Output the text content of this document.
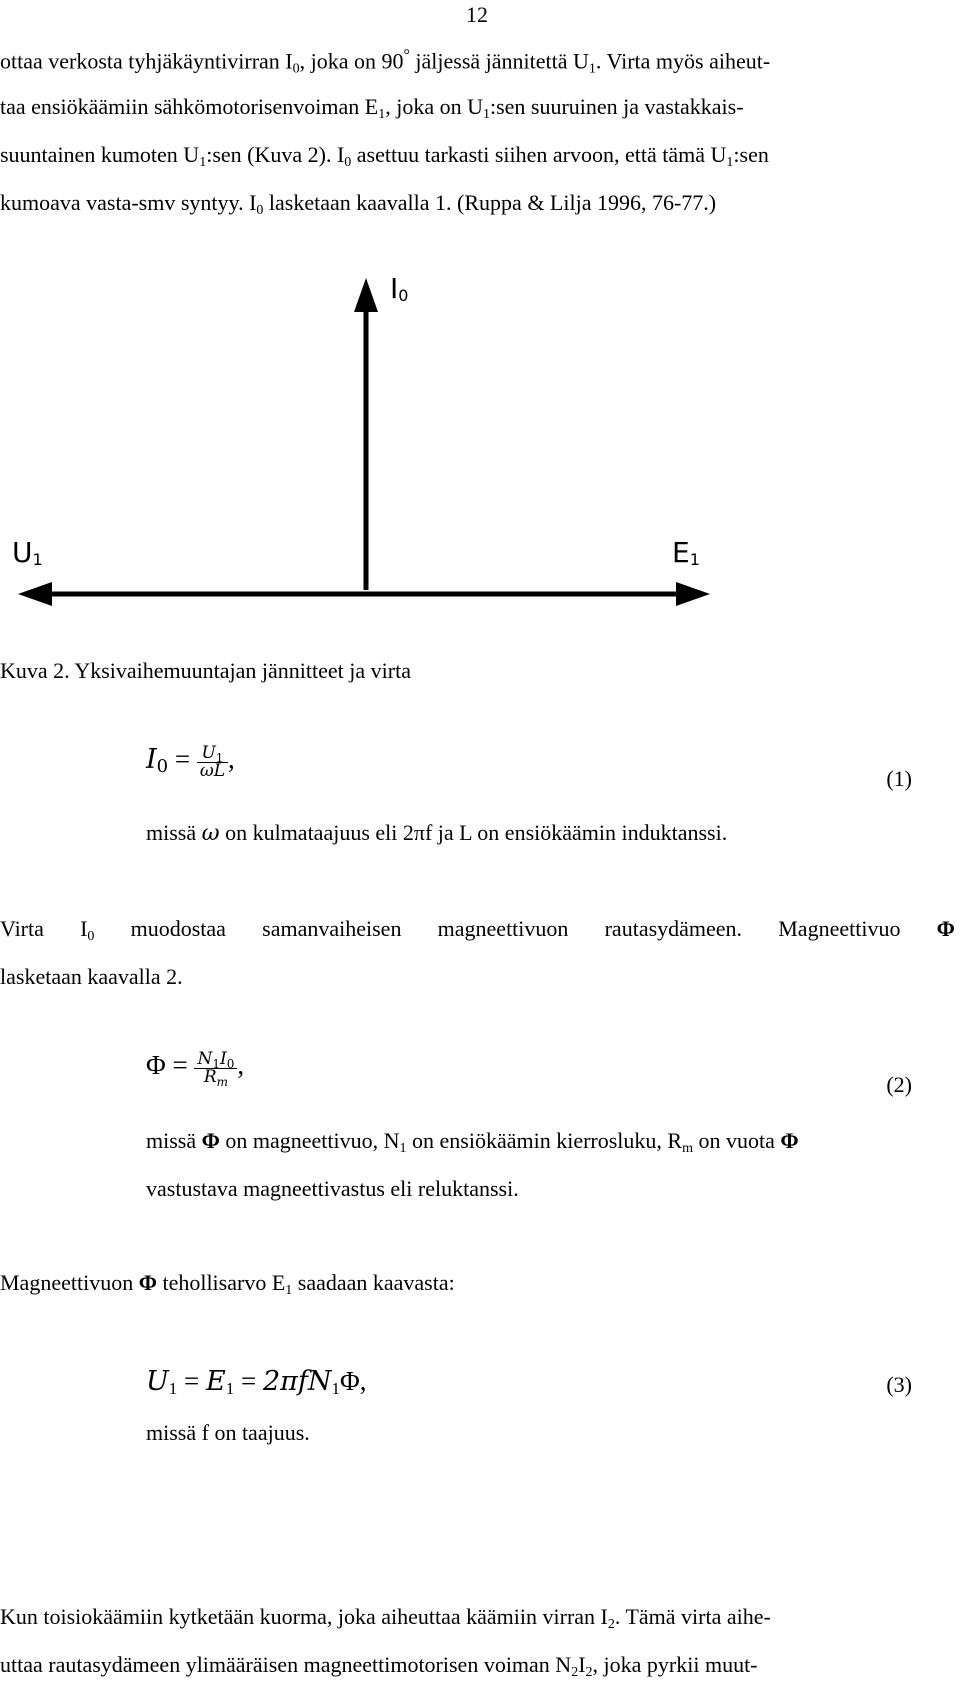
12
ottaa verkosta tyhjäkäyntivirran $I_0$, joka on 90° jäljessä jännitettä $U_1$. Virta myös aiheut-
taa ensiökäämiin sähkömotorisenvoiman $E_1$, joka on $U_1:sen$ suuruinen ja vastakkais-
suuntainen kumoten $U_1:sen$ (Kuva 2). $I_0$ asettuu tarkasti siihen arvoon, että tämä $U_1:sen$
kumoava vasta-smv syntyy. $I_0$ lasketaan kaavalla 1. (Ruppa & Lilja 1996, 76-77.)
I0
U1	E1
Kuva 2. Yksivaihemuuntajan jännitteet ja virta
$I_0 = \frac{U_1}{\omega L}$ ,
(1)
missä ω on kulmataajuus eli 2πf ja L on ensiökäämin induktanssi.
Virta $I_0$ muodostaa samanvaiheisen magneettivuon rautasydämeen. Magneettivuo Φ
lasketaan kaavalla 2.
$\Phi = \frac{N_1I_0}{R_m}$ ,
(2)
missä Φ on magneettivuo, $N_1$ on ensiökäämin kierrosluku, $R_m$ on vuota Φ
vastustava magneettivastus eli reluktanssi.
Magneettivuon Φ tehollisarvo $E_1$ saadaan kaavasta:
$U_1 = E_1 = 2\pi fN_1\Phi$,	(3)
missä f on taajuus.
Kun toisiokäämiin kytketään kuorma, joka aiheuttaa käämiin virran $I_2$. Tämä virta aihe-
uttaa rautasydämeen ylimääräisen magneettimotorisen voiman $N_2I_2$, joka pyrkii muut-
